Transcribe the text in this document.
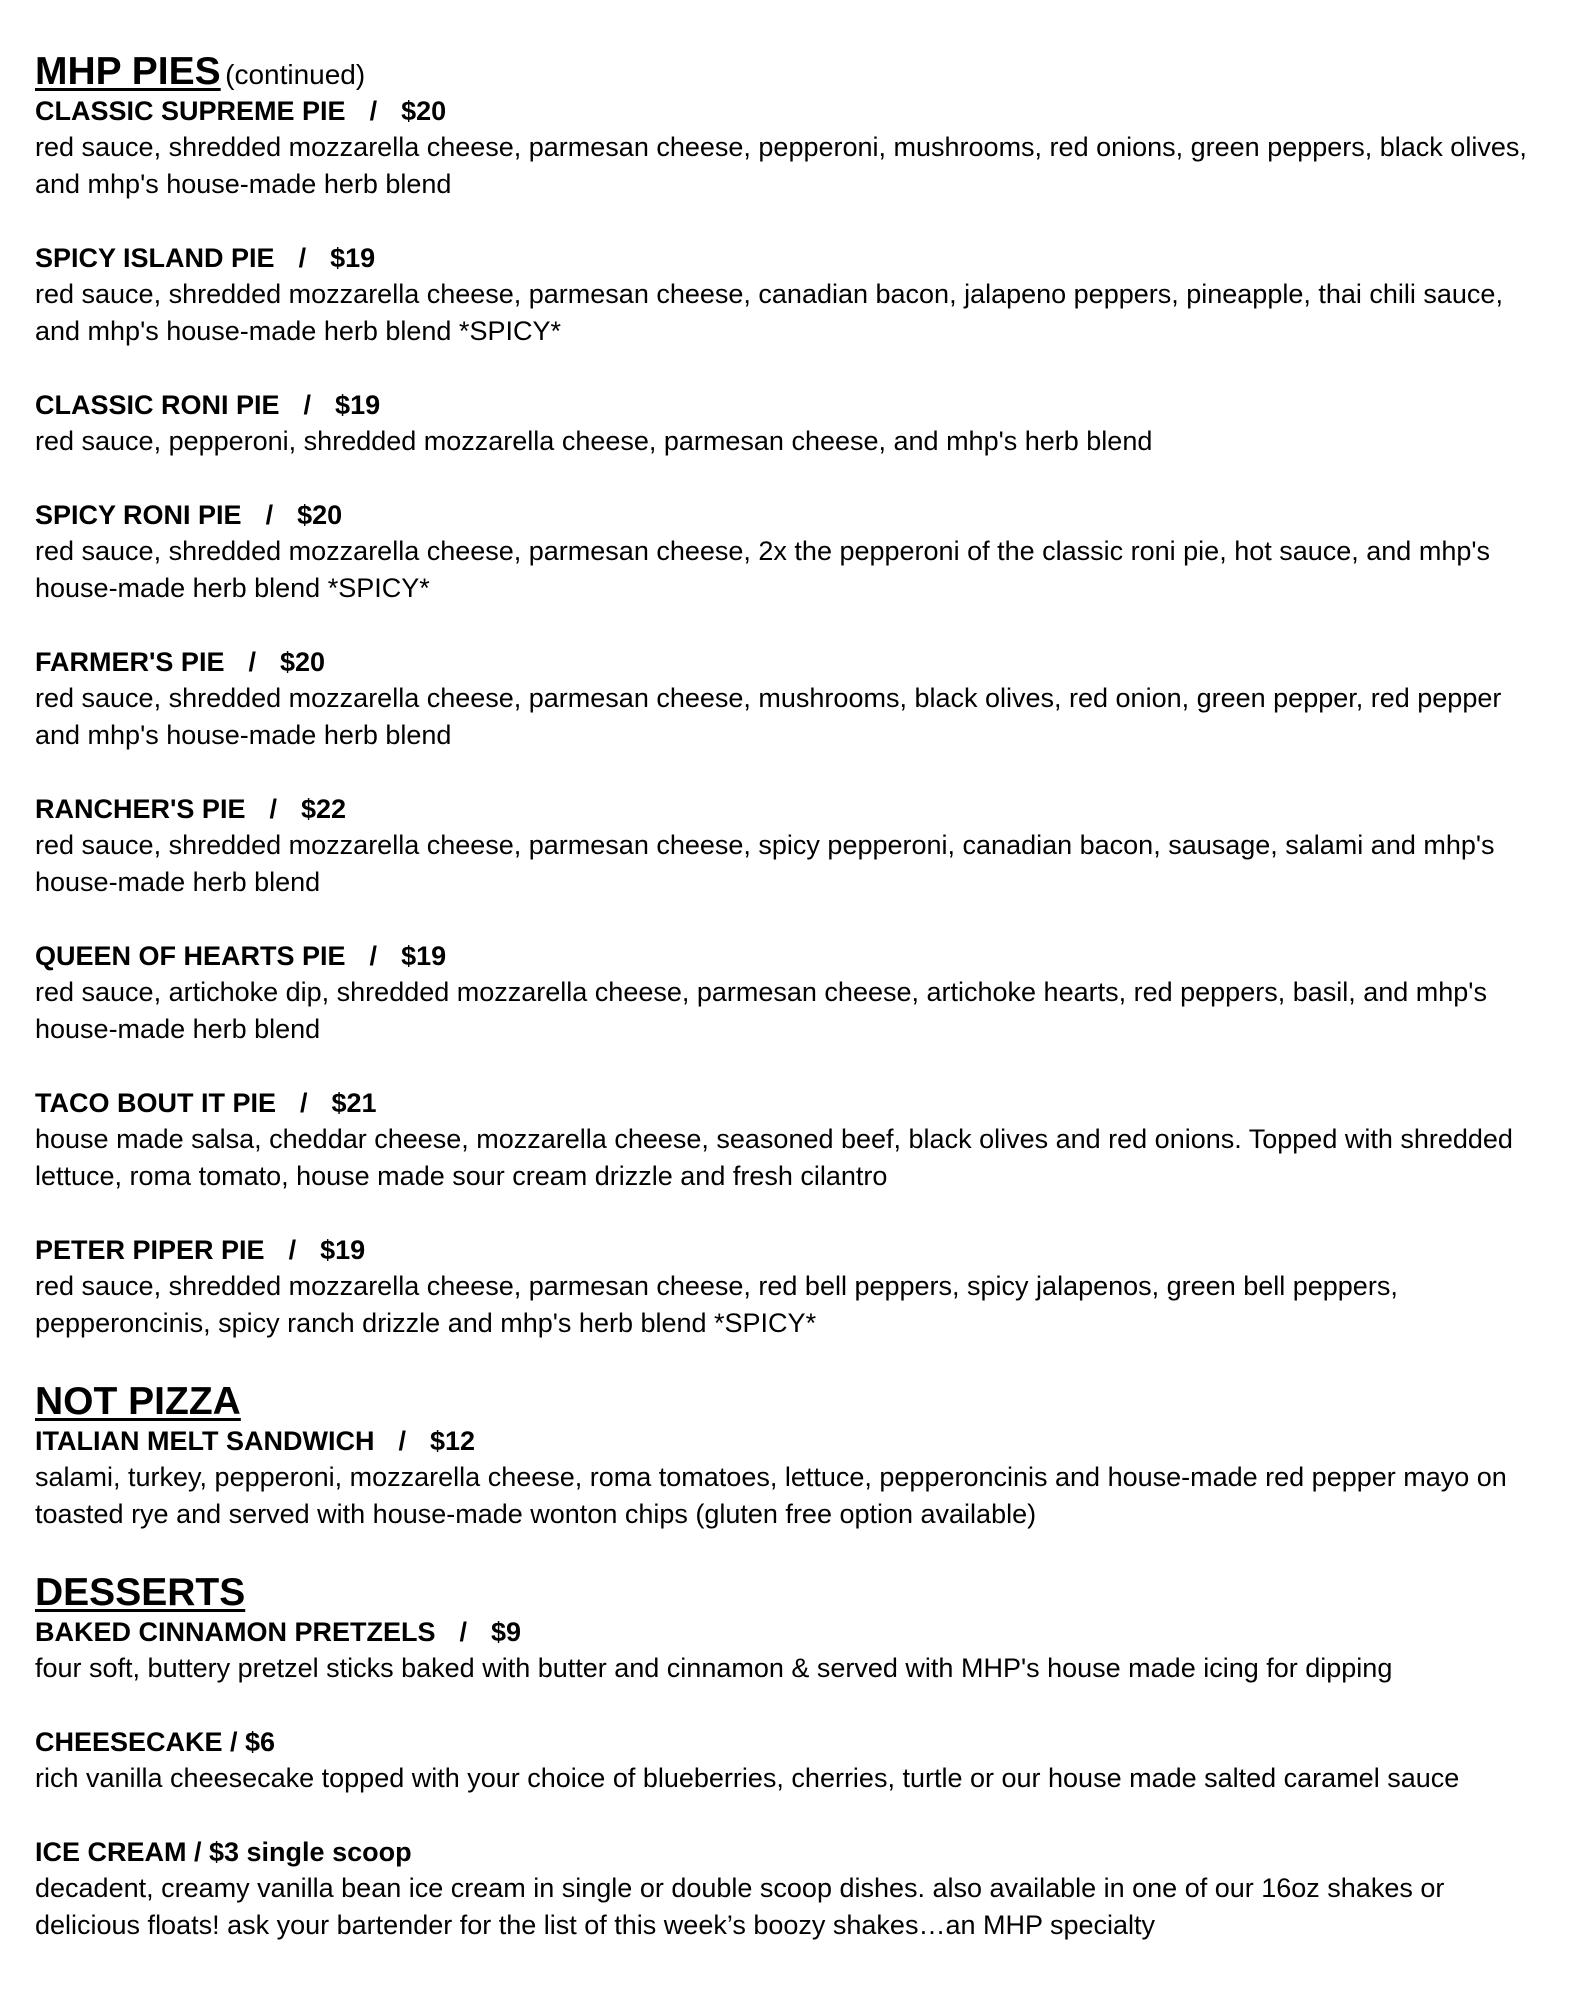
MHP PIES (continued)
CLASSIC SUPREME PIE / $20
red sauce, shredded mozzarella cheese, parmesan cheese, pepperoni, mushrooms, red onions, green peppers, black olives, and mhp's house-made herb blend
SPICY ISLAND PIE / $19
red sauce, shredded mozzarella cheese, parmesan cheese, canadian bacon, jalapeno peppers, pineapple, thai chili sauce, and mhp's house-made herb blend *SPICY*
CLASSIC RONI PIE / $19
red sauce, pepperoni, shredded mozzarella cheese, parmesan cheese, and mhp's herb blend
SPICY RONI PIE / $20
red sauce, shredded mozzarella cheese, parmesan cheese, 2x the pepperoni of the classic roni pie, hot sauce, and mhp's house-made herb blend *SPICY*
FARMER'S PIE / $20
red sauce, shredded mozzarella cheese, parmesan cheese, mushrooms, black olives, red onion, green pepper, red pepper and mhp's house-made herb blend
RANCHER'S PIE / $22
red sauce, shredded mozzarella cheese, parmesan cheese, spicy pepperoni, canadian bacon, sausage, salami and mhp's house-made herb blend
QUEEN OF HEARTS PIE / $19
red sauce, artichoke dip, shredded mozzarella cheese, parmesan cheese, artichoke hearts, red peppers, basil, and mhp's house-made herb blend
TACO BOUT IT PIE / $21
house made salsa, cheddar cheese, mozzarella cheese, seasoned beef, black olives and red onions. Topped with shredded lettuce, roma tomato, house made sour cream drizzle and fresh cilantro
PETER PIPER PIE / $19
red sauce, shredded mozzarella cheese, parmesan cheese, red bell peppers, spicy jalapenos, green bell peppers, pepperoncinis, spicy ranch drizzle and mhp's herb blend *SPICY*
NOT PIZZA
ITALIAN MELT SANDWICH / $12
salami, turkey, pepperoni, mozzarella cheese, roma tomatoes, lettuce, pepperoncinis and house-made red pepper mayo on toasted rye and served with house-made wonton chips (gluten free option available)
DESSERTS
BAKED CINNAMON PRETZELS / $9
four soft, buttery pretzel sticks baked with butter and cinnamon & served with MHP's house made icing for dipping
CHEESECAKE / $6
rich vanilla cheesecake topped with your choice of blueberries, cherries, turtle or our house made salted caramel sauce
ICE CREAM / $3 single scoop
decadent, creamy vanilla bean ice cream in single or double scoop dishes. also available in one of our 16oz shakes or delicious floats! ask your bartender for the list of this week’s boozy shakes…an MHP specialty
